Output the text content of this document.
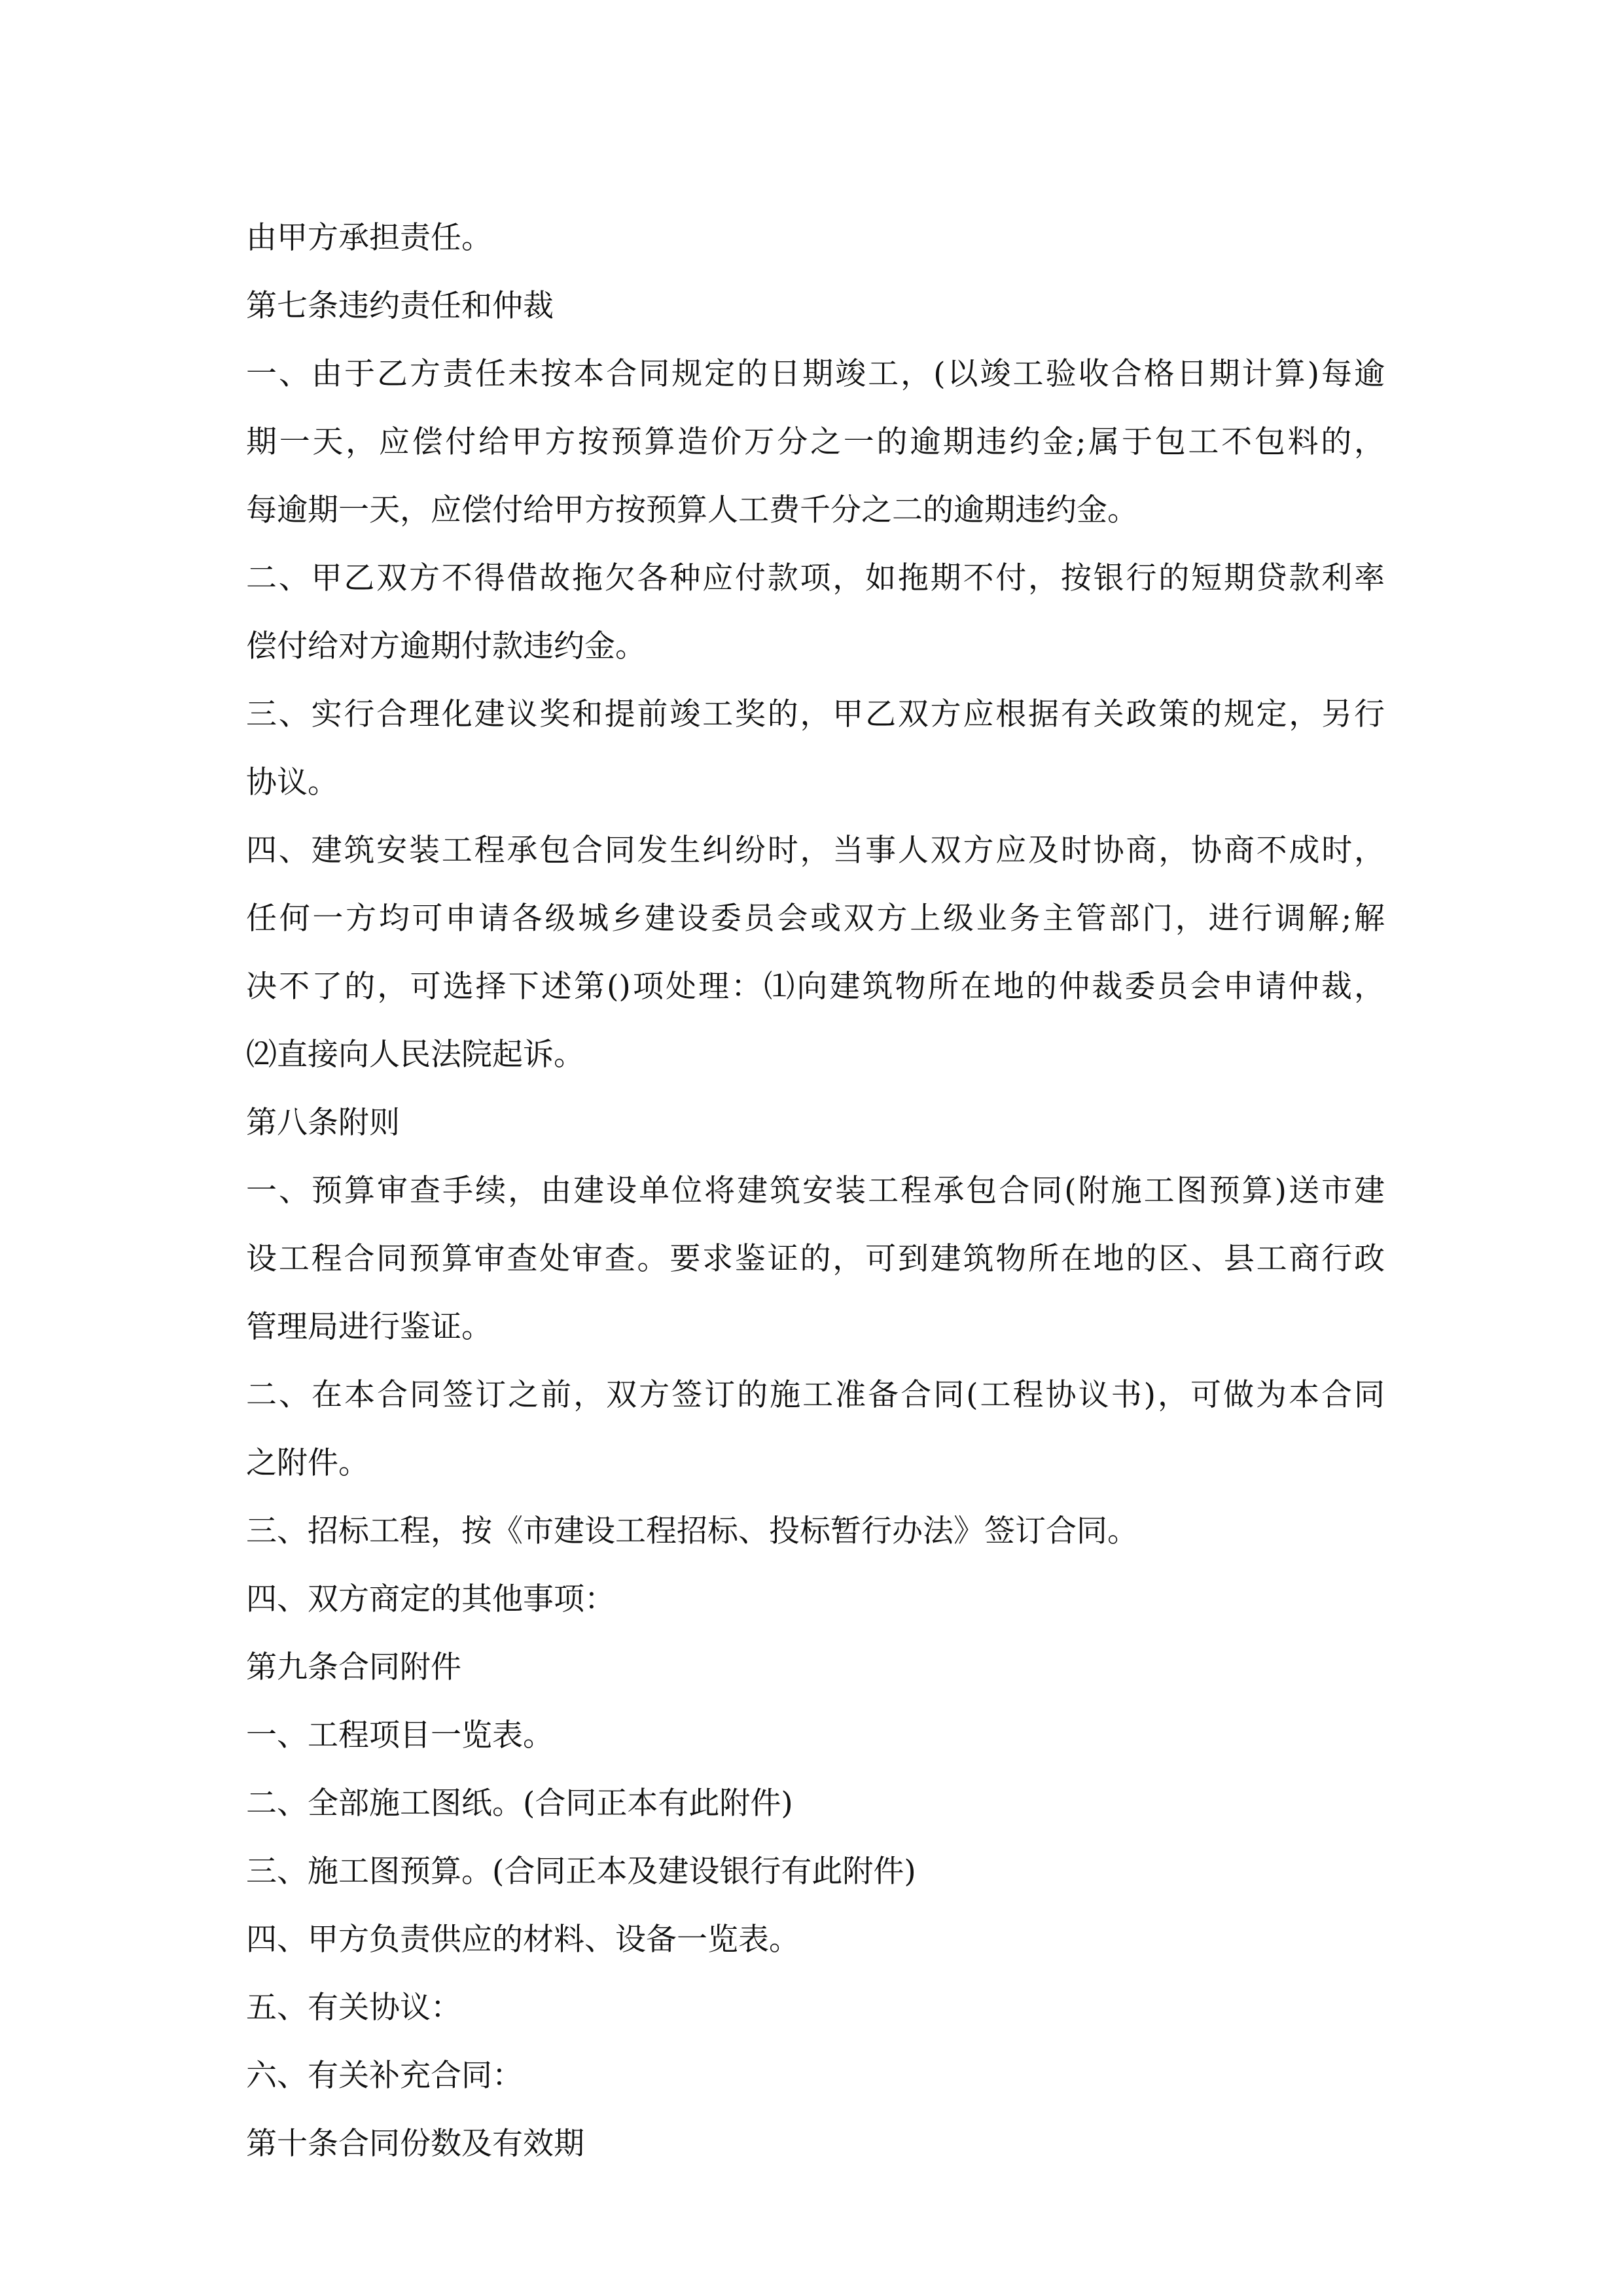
由甲方承担责任。
第七条违约责任和仲裁
一、由于乙方责任未按本合同规定的日期竣工，(以竣工验收合格日期计算)每逾
期一天，应偿付给甲方按预算造价万分之一的逾期违约金;属于包工不包料的，
每逾期一天，应偿付给甲方按预算人工费千分之二的逾期违约金。
二、甲乙双方不得借故拖欠各种应付款项，如拖期不付，按银行的短期贷款利率
偿付给对方逾期付款违约金。
三、实行合理化建议奖和提前竣工奖的，甲乙双方应根据有关政策的规定，另行
协议。
四、建筑安装工程承包合同发生纠纷时，当事人双方应及时协商，协商不成时，
任何一方均可申请各级城乡建设委员会或双方上级业务主管部门，进行调解;解
决不了的，可选择下述第()项处理：⑴向建筑物所在地的仲裁委员会申请仲裁，
⑵直接向人民法院起诉。
第八条附则
一、预算审查手续，由建设单位将建筑安装工程承包合同(附施工图预算)送市建
设工程合同预算审查处审查。要求鉴证的，可到建筑物所在地的区、县工商行政
管理局进行鉴证。
二、在本合同签订之前，双方签订的施工准备合同(工程协议书)，可做为本合同
之附件。
三、招标工程，按《市建设工程招标、投标暂行办法》签订合同。
四、双方商定的其他事项：
第九条合同附件
一、工程项目一览表。
二、全部施工图纸。(合同正本有此附件)
三、施工图预算。(合同正本及建设银行有此附件)
四、甲方负责供应的材料、设备一览表。
五、有关协议：
六、有关补充合同：
第十条合同份数及有效期
